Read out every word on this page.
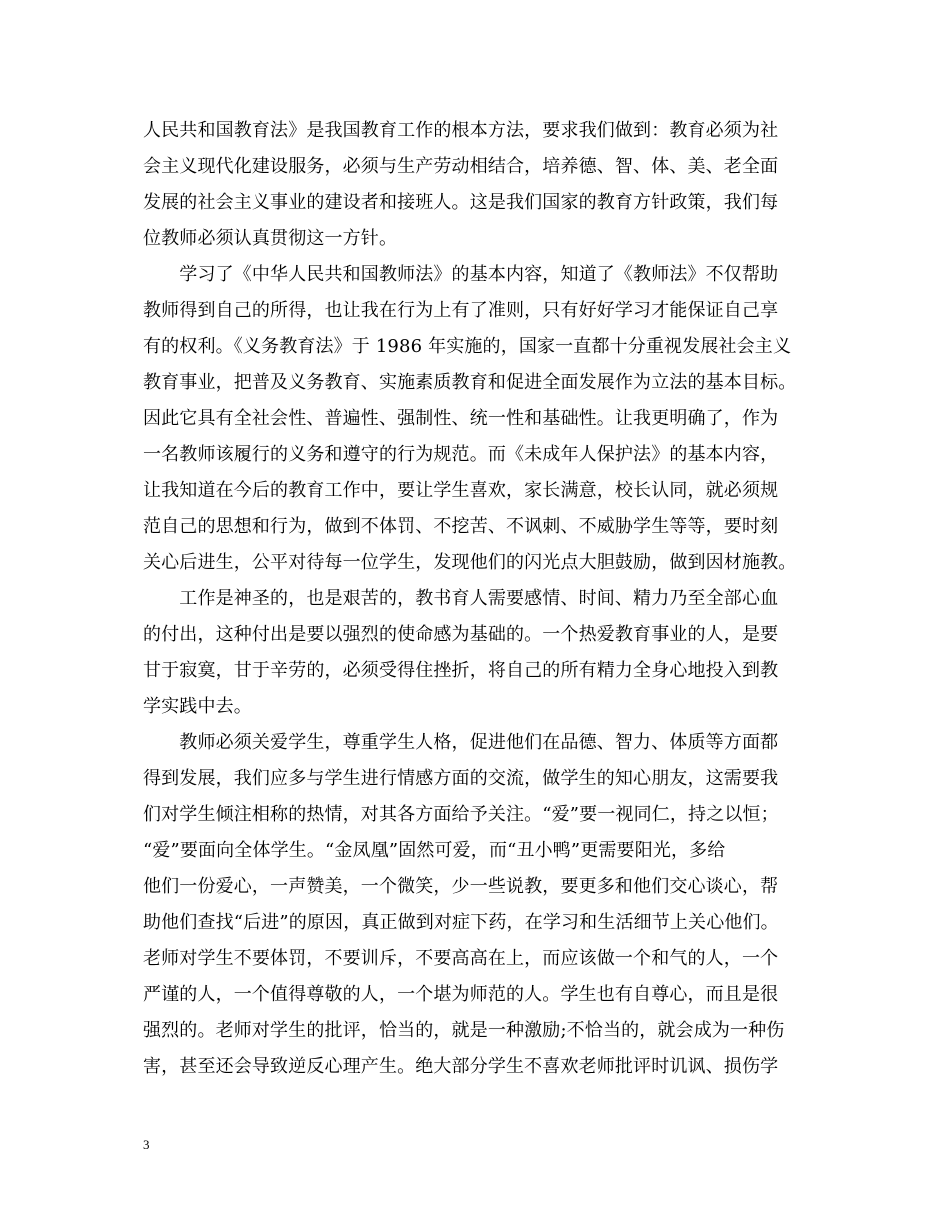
人民共和国教育法》是我国教育工作的根本方法，要求我们做到：教育必须为社
会主义现代化建设服务，必须与生产劳动相结合，培养德、智、体、美、老全面
发展的社会主义事业的建设者和接班人。这是我们国家的教育方针政策，我们每
位教师必须认真贯彻这一方针。
　　学习了《中华人民共和国教师法》的基本内容，知道了《教师法》不仅帮助
教师得到自己的所得，也让我在行为上有了准则，只有好好学习才能保证自己享
有的权利。《义务教育法》于 1986 年实施的，国家一直都十分重视发展社会主义
教育事业，把普及义务教育、实施素质教育和促进全面发展作为立法的基本目标。
因此它具有全社会性、普遍性、强制性、统一性和基础性。让我更明确了，作为
一名教师该履行的义务和遵守的行为规范。而《未成年人保护法》的基本内容，
让我知道在今后的教育工作中，要让学生喜欢，家长满意，校长认同，就必须规
范自己的思想和行为，做到不体罚、不挖苦、不讽刺、不威胁学生等等，要时刻
关心后进生，公平对待每一位学生，发现他们的闪光点大胆鼓励，做到因材施教。
　　工作是神圣的，也是艰苦的，教书育人需要感情、时间、精力乃至全部心血
的付出，这种付出是要以强烈的使命感为基础的。一个热爱教育事业的人，是要
甘于寂寞，甘于辛劳的，必须受得住挫折，将自己的所有精力全身心地投入到教
学实践中去。
　　教师必须关爱学生，尊重学生人格，促进他们在品德、智力、体质等方面都
得到发展，我们应多与学生进行情感方面的交流，做学生的知心朋友，这需要我
们对学生倾注相称的热情，对其各方面给予关注。“爱”要一视同仁，持之以恒；
“爱”要面向全体学生。“金凤凰”固然可爱，而“丑小鸭”更需要阳光，多给
他们一份爱心，一声赞美，一个微笑，少一些说教，要更多和他们交心谈心，帮
助他们查找“后进”的原因，真正做到对症下药，在学习和生活细节上关心他们。
老师对学生不要体罚，不要训斥，不要高高在上，而应该做一个和气的人，一个
严谨的人，一个值得尊敬的人，一个堪为师范的人。学生也有自尊心，而且是很
强烈的。老师对学生的批评，恰当的，就是一种激励;不恰当的，就会成为一种伤
害，甚至还会导致逆反心理产生。绝大部分学生不喜欢老师批评时讥讽、损伤学
3
